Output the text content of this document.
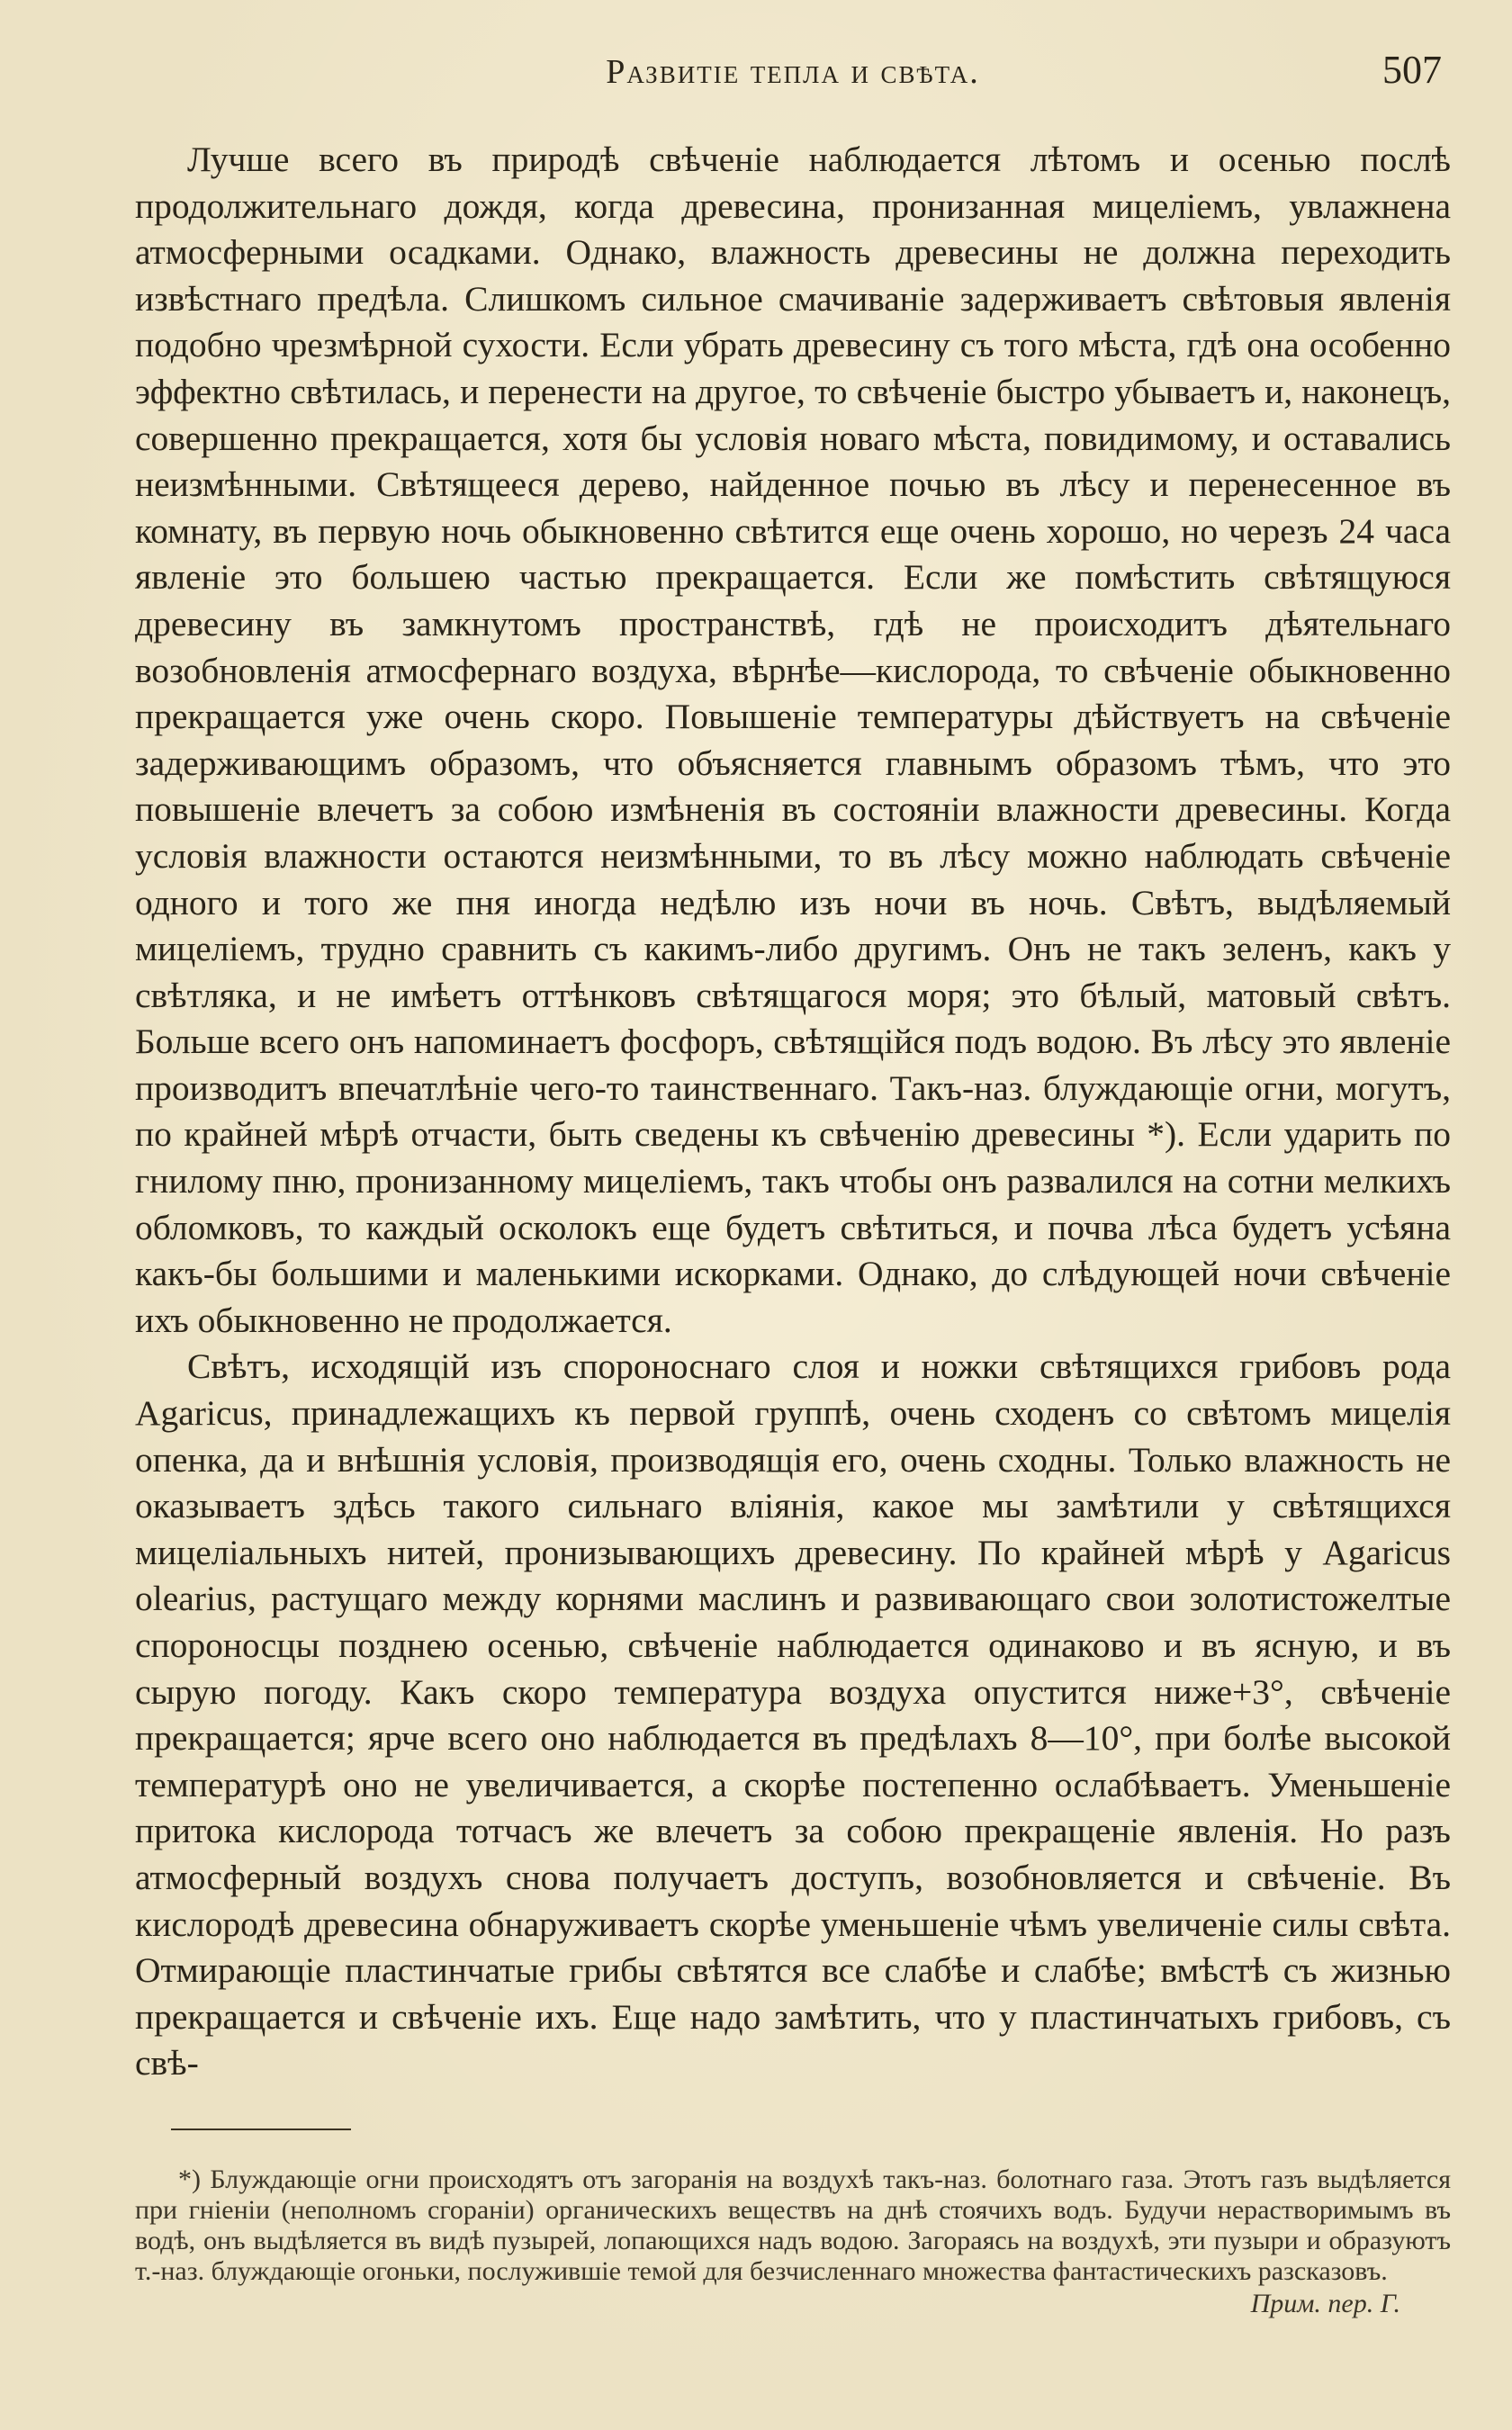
Развитіе тепла и свѣта.	507

Лучше всего въ природѣ свѣченіе наблюдается лѣтомъ и осенью послѣ продолжительнаго дождя, когда древесина, пронизанная мицеліемъ, увлажнена атмосферными осадками. Однако, влажность древесины не должна переходить извѣстнаго предѣла. Слишкомъ сильное смачиваніе задерживаетъ свѣтовыя явленія подобно чрезмѣрной сухости. Если убрать древесину съ того мѣста, гдѣ она особенно эффектно свѣтилась, и перенести на другое, то свѣченіе быстро убываетъ и, наконецъ, совершенно прекращается, хотя бы условія новаго мѣста, повидимому, и оставались неизмѣнными. Свѣтящееся дерево, найденное почью въ лѣсу и перенесенное въ комнату, въ первую ночь обыкновенно свѣтится еще очень хорошо, но черезъ 24 часа явленіе это большею частью прекращается. Если же помѣстить свѣтящуюся древесину въ замкнутомъ пространствѣ, гдѣ не происходитъ дѣятельнаго возобновленія атмосфернаго воздуха, вѣрнѣе—кислорода, то свѣченіе обыкновенно прекращается уже очень скоро. Повышеніе температуры дѣйствуетъ на свѣченіе задерживающимъ образомъ, что объясняется главнымъ образомъ тѣмъ, что это повышеніе влечетъ за собою измѣненія въ состояніи влажности древесины. Когда условія влажности остаются неизмѣнными, то въ лѣсу можно наблюдать свѣченіе одного и того же пня иногда недѣлю изъ ночи въ ночь. Свѣтъ, выдѣляемый мицеліемъ, трудно сравнить съ какимъ-либо другимъ. Онъ не такъ зеленъ, какъ у свѣтляка, и не имѣетъ оттѣнковъ свѣтящагося моря; это бѣлый, матовый свѣтъ. Больше всего онъ напоминаетъ фосфоръ, свѣтящійся подъ водою. Въ лѣсу это явленіе производитъ впечатлѣніе чего-то таинственнаго. Такъ-наз. блуждающіе огни, могутъ, по крайней мѣрѣ отчасти, быть сведены къ свѣченію древесины *). Если ударить по гнилому пню, пронизанному мицеліемъ, такъ чтобы онъ развалился на сотни мелкихъ обломковъ, то каждый осколокъ еще будетъ свѣтиться, и почва лѣса будетъ усѣяна какъ-бы большими и маленькими искорками. Однако, до слѣдующей ночи свѣченіе ихъ обыкновенно не продолжается.

Свѣтъ, исходящій изъ спороноснаго слоя и ножки свѣтящихся грибовъ рода Agaricus, принадлежащихъ къ первой группѣ, очень сходенъ со свѣтомъ мицелія опенка, да и внѣшнія условія, производящія его, очень сходны. Только влажность не оказываетъ здѣсь такого сильнаго вліянія, какое мы замѣтили у свѣтящихся мицеліальныхъ нитей, пронизывающихъ древесину. По крайней мѣрѣ у Agaricus olearius, растущаго между корнями маслинъ и развивающаго свои золотистожелтые спороносцы позднею осенью, свѣченіе наблюдается одинаково и въ ясную, и въ сырую погоду. Какъ скоро температура воздуха опустится ниже+3°, свѣченіе прекращается; ярче всего оно наблюдается въ предѣлахъ 8—10°, при болѣе высокой температурѣ оно не увеличивается, а скорѣе постепенно ослабѣваетъ. Уменьшеніе притока кислорода тотчасъ же влечетъ за собою прекращеніе явленія. Но разъ атмосферный воздухъ снова получаетъ доступъ, возобновляется и свѣченіе. Въ кислородѣ древесина обнаруживаетъ скорѣе уменьшеніе чѣмъ увеличеніе силы свѣта. Отмирающіе пластинчатые грибы свѣтятся все слабѣе и слабѣе; вмѣстѣ съ жизнью прекращается и свѣченіе ихъ. Еще надо замѣтить, что у пластинчатыхъ грибовъ, съ свѣ-

*) Блуждающіе огни происходятъ отъ загоранія на воздухѣ такъ-наз. болотнаго газа. Этотъ газъ выдѣляется при гніеніи (неполномъ сгораніи) органическихъ веществъ на днѣ стоячихъ водъ. Будучи нерастворимымъ въ водѣ, онъ выдѣляется въ видѣ пузырей, лопающихся надъ водою. Загораясь на воздухѣ, эти пузыри и образуютъ т.-наз. блуждающіе огоньки, послужившіе темой для безчисленнаго множества фантастическихъ разсказовъ.

Прим. пер. Г.
